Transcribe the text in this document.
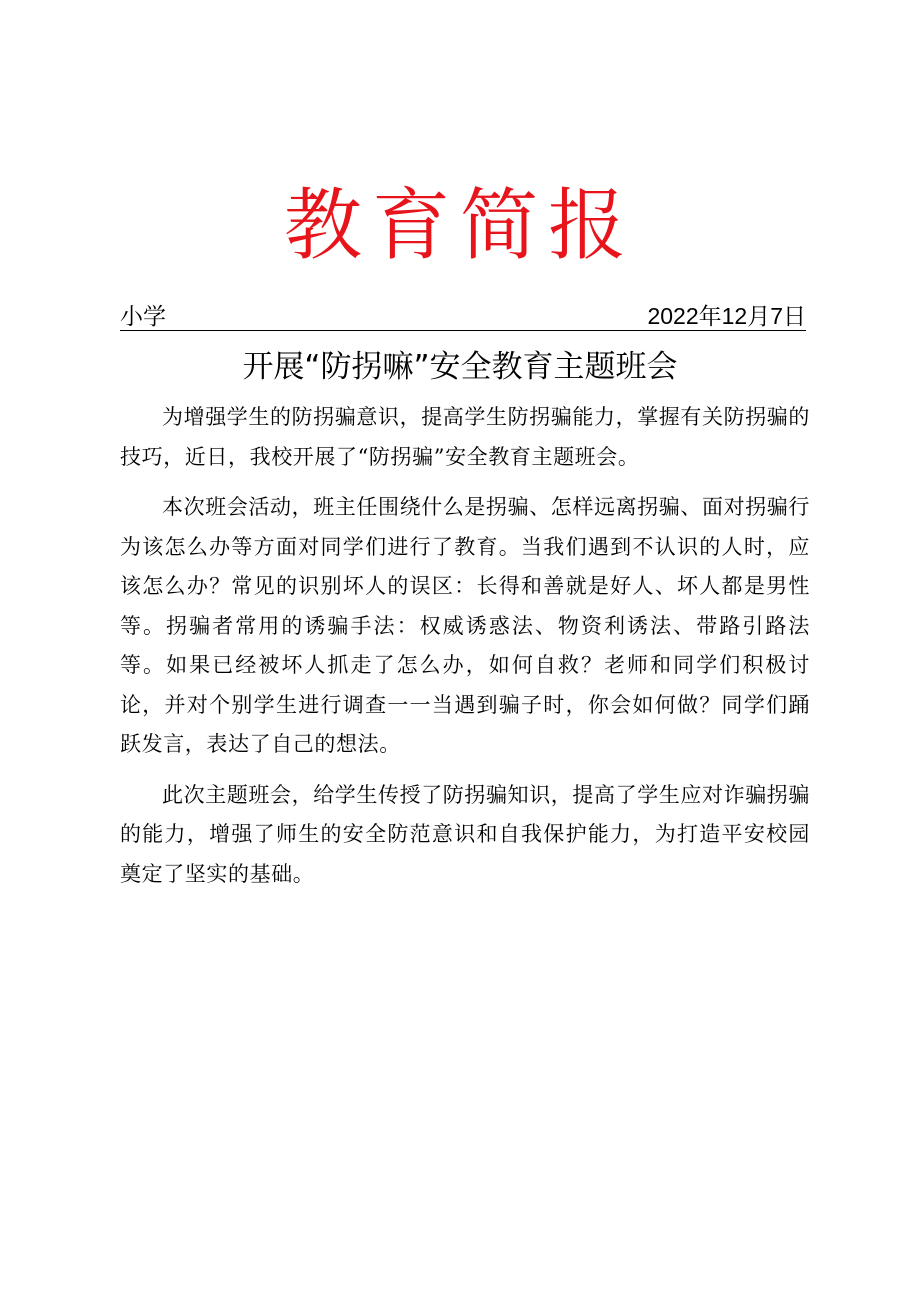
教育简报
小学	2022年12月7日
开展“防拐嘛”安全教育主题班会

为增强学生的防拐骗意识，提高学生防拐骗能力，掌握有关防拐骗的技巧，近日，我校开展了“防拐骗”安全教育主题班会。

本次班会活动，班主任围绕什么是拐骗、怎样远离拐骗、面对拐骗行为该怎么办等方面对同学们进行了教育。当我们遇到不认识的人时，应该怎么办？常见的识别坏人的误区：长得和善就是好人、坏人都是男性等。拐骗者常用的诱骗手法：权威诱惑法、物资利诱法、带路引路法等。如果已经被坏人抓走了怎么办，如何自救？老师和同学们积极讨论，并对个别学生进行调查一一当遇到骗子时，你会如何做？同学们踊跃发言，表达了自己的想法。

此次主题班会，给学生传授了防拐骗知识，提高了学生应对诈骗拐骗的能力，增强了师生的安全防范意识和自我保护能力，为打造平安校园奠定了坚实的基础。
